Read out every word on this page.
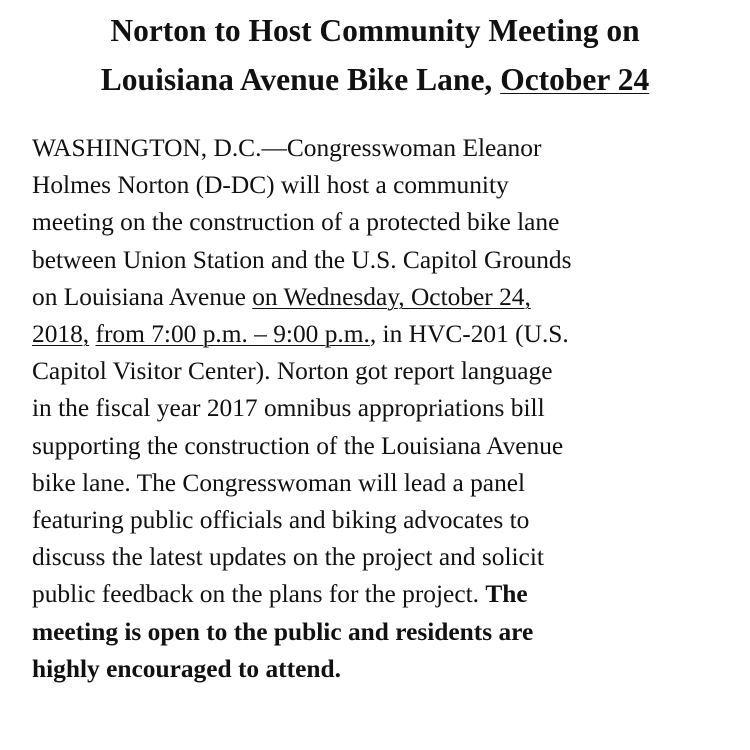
Norton to Host Community Meeting on
Louisiana Avenue Bike Lane, October 24
WASHINGTON, D.C.—Congresswoman Eleanor
Holmes Norton (D-DC) will host a community
meeting on the construction of a protected bike lane
between Union Station and the U.S. Capitol Grounds
on Louisiana Avenue on Wednesday, October 24,
2018, from 7:00 p.m. – 9:00 p.m., in HVC-201 (U.S.
Capitol Visitor Center). Norton got report language
in the fiscal year 2017 omnibus appropriations bill
supporting the construction of the Louisiana Avenue
bike lane. The Congresswoman will lead a panel
featuring public officials and biking advocates to
discuss the latest updates on the project and solicit
public feedback on the plans for the project. The
meeting is open to the public and residents are
highly encouraged to attend.
